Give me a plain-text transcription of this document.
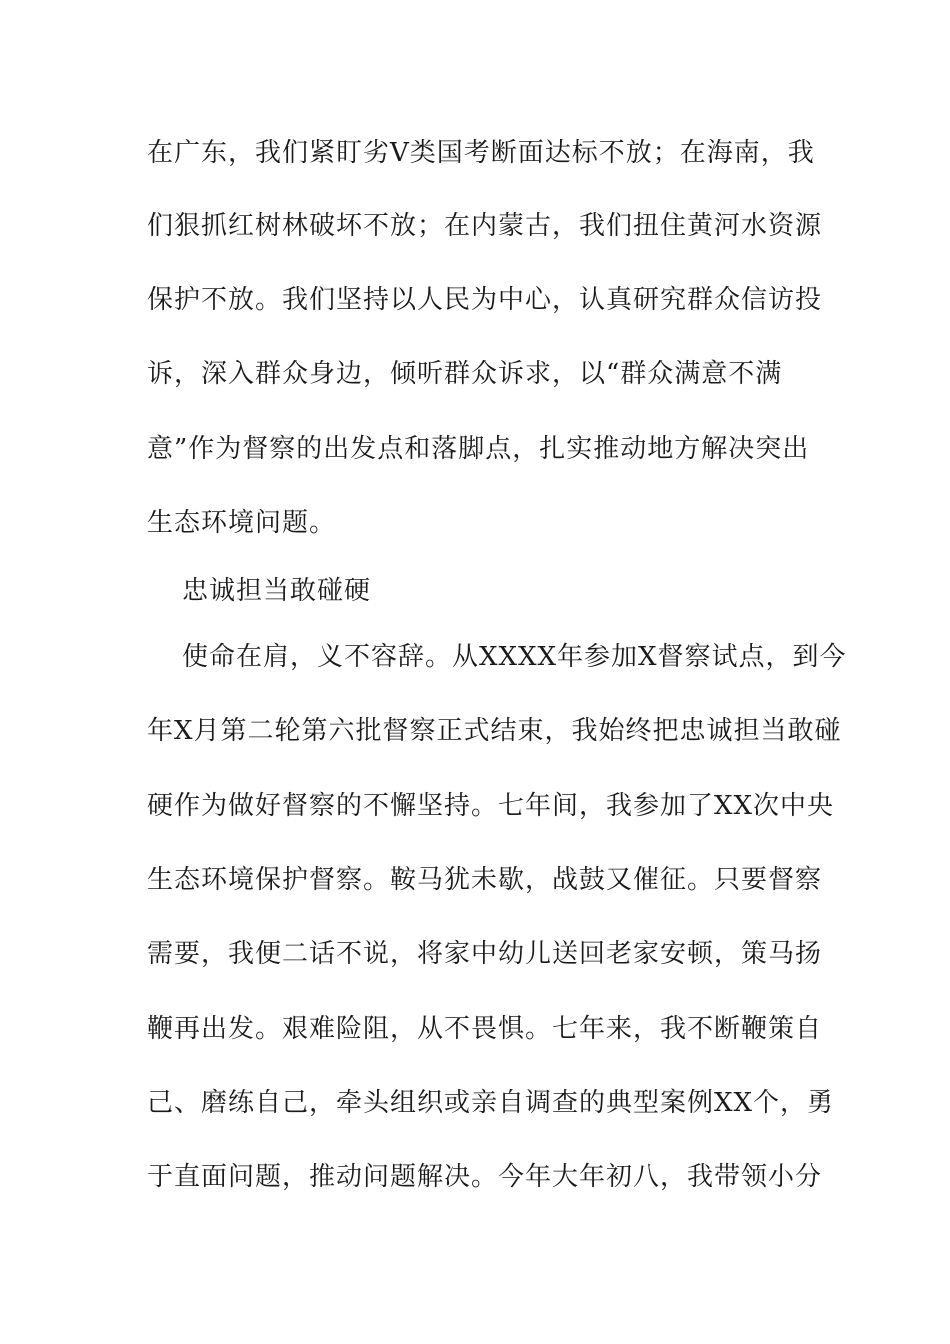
在广东，我们紧盯劣Ⅴ类国考断面达标不放；在海南，我
们狠抓红树林破坏不放；在内蒙古，我们扭住黄河水资源
保护不放。我们坚持以人民为中心，认真研究群众信访投
诉，深入群众身边，倾听群众诉求，以“群众满意不满
意”作为督察的出发点和落脚点，扎实推动地方解决突出
生态环境问题。
忠诚担当敢碰硬
使命在肩，义不容辞。从XXXX年参加X督察试点，到今
年X月第二轮第六批督察正式结束，我始终把忠诚担当敢碰
硬作为做好督察的不懈坚持。七年间，我参加了XX次中央
生态环境保护督察。鞍马犹未歇，战鼓又催征。只要督察
需要，我便二话不说，将家中幼儿送回老家安顿，策马扬
鞭再出发。艰难险阻，从不畏惧。七年来，我不断鞭策自
己、磨练自己，牵头组织或亲自调查的典型案例XX个，勇
于直面问题，推动问题解决。今年大年初八，我带领小分
